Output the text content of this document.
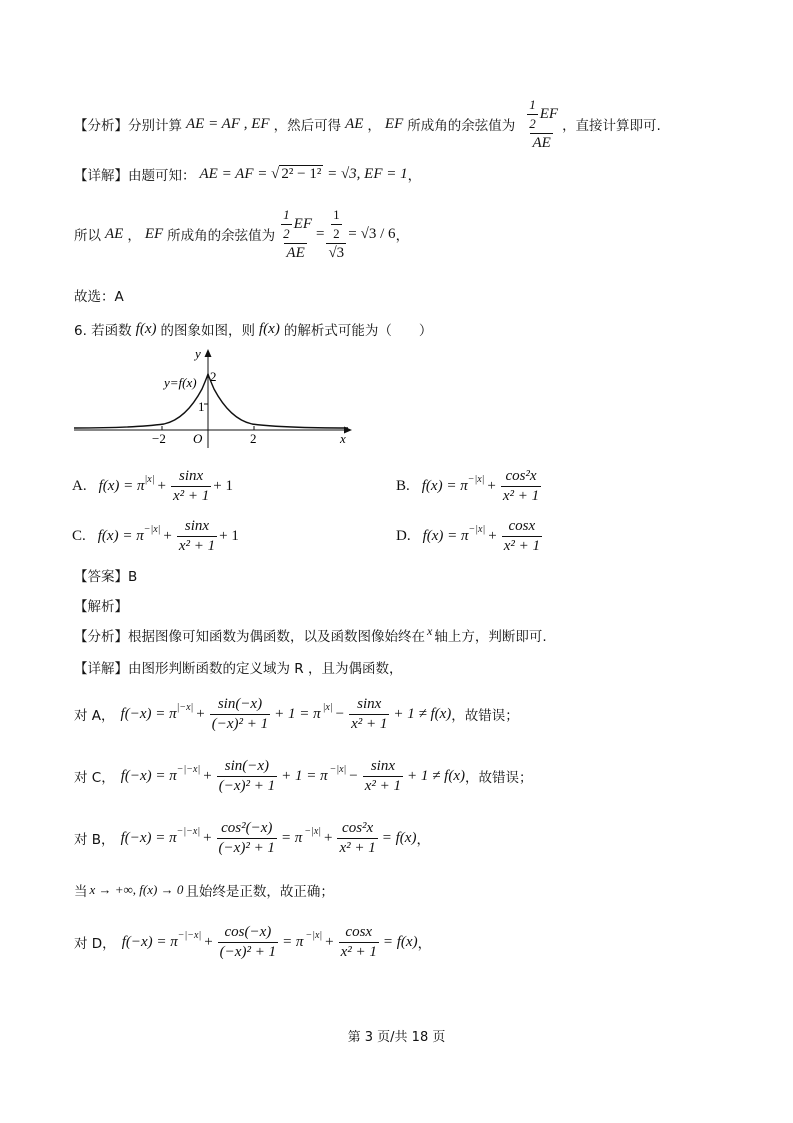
【分析】 分别计算 AE = AF , EF ，然后可得 AE ， EF 所成角的余弦值为 $\frac{\frac{1}{2} EF}{AE}$ ，直接计算即可.
【详解】 由题可知： AE = AF = √ 2² − 1² = √3, EF = 1 ，
所以 AE ， EF 所成角的余弦值为 $\frac{\frac{1}{2} EF}{AE} = \frac{\frac{1}{2}}{√3} = √3 / 6$ ，
故选：A
6. 若函数 f(x) 的图象如图，则 f(x) 的解析式可能为（　　）
y
x
y=f(x) 2
1
−2 O	2
A. f(x) = π $|x| + \frac{\sin x}{\text{x² + 1}} + 1$	B. $f(x) = \pi -|x| + \frac{\text{cos²x}}{\text{x² + 1}}$
C. $f(x) = \pi -|x| + \frac{\sin x}{\text{x² + 1}} + 1$	D. $f(x) = \pi -|x| + \frac{\cos x}{\text{x² + 1}}$
【答案】B
【解析】
【分析】 根据图像可知函数为偶函数，以及函数图像始终在 x 轴上方，判断即可.
【详解】 由图形判断函数的定义域为 R ，且为偶函数，
对 A， f(−x) = π $|-x| + \frac{\sin(-x)}{\text{(−x)² + 1}} + 1 = \pi$ $|x| - \frac{\sin x}{\text{x² + 1}} + 1 \ne f(x)$ ，故错误；
对 C， $f(-x) = \pi -|-x| + \frac{\sin(-x)}{\text{(−x)² + 1}} + 1 = \pi -|x| - \frac{\sin x}{\text{x² + 1}} + 1 \ne f(x)$ ，故错误；
对 B， $f(-x) = \pi -|-x| + \frac{\text{cos²(−x)}}{\text{(−x)² + 1}} = \pi -|x| + \frac{\text{cos²x}}{\text{x² + 1}} = f(x)$ ，
当 x → +∞, f(x) → 0 且始终是正数，故正确；
对 D， $f(-x) = \pi -|-x| + \frac{\cos(-x)}{\text{(−x)² + 1}} = \pi -|x| + \frac{\cos x}{\text{x² + 1}} = f(x)$ ，
第 3 页/共 18 页
